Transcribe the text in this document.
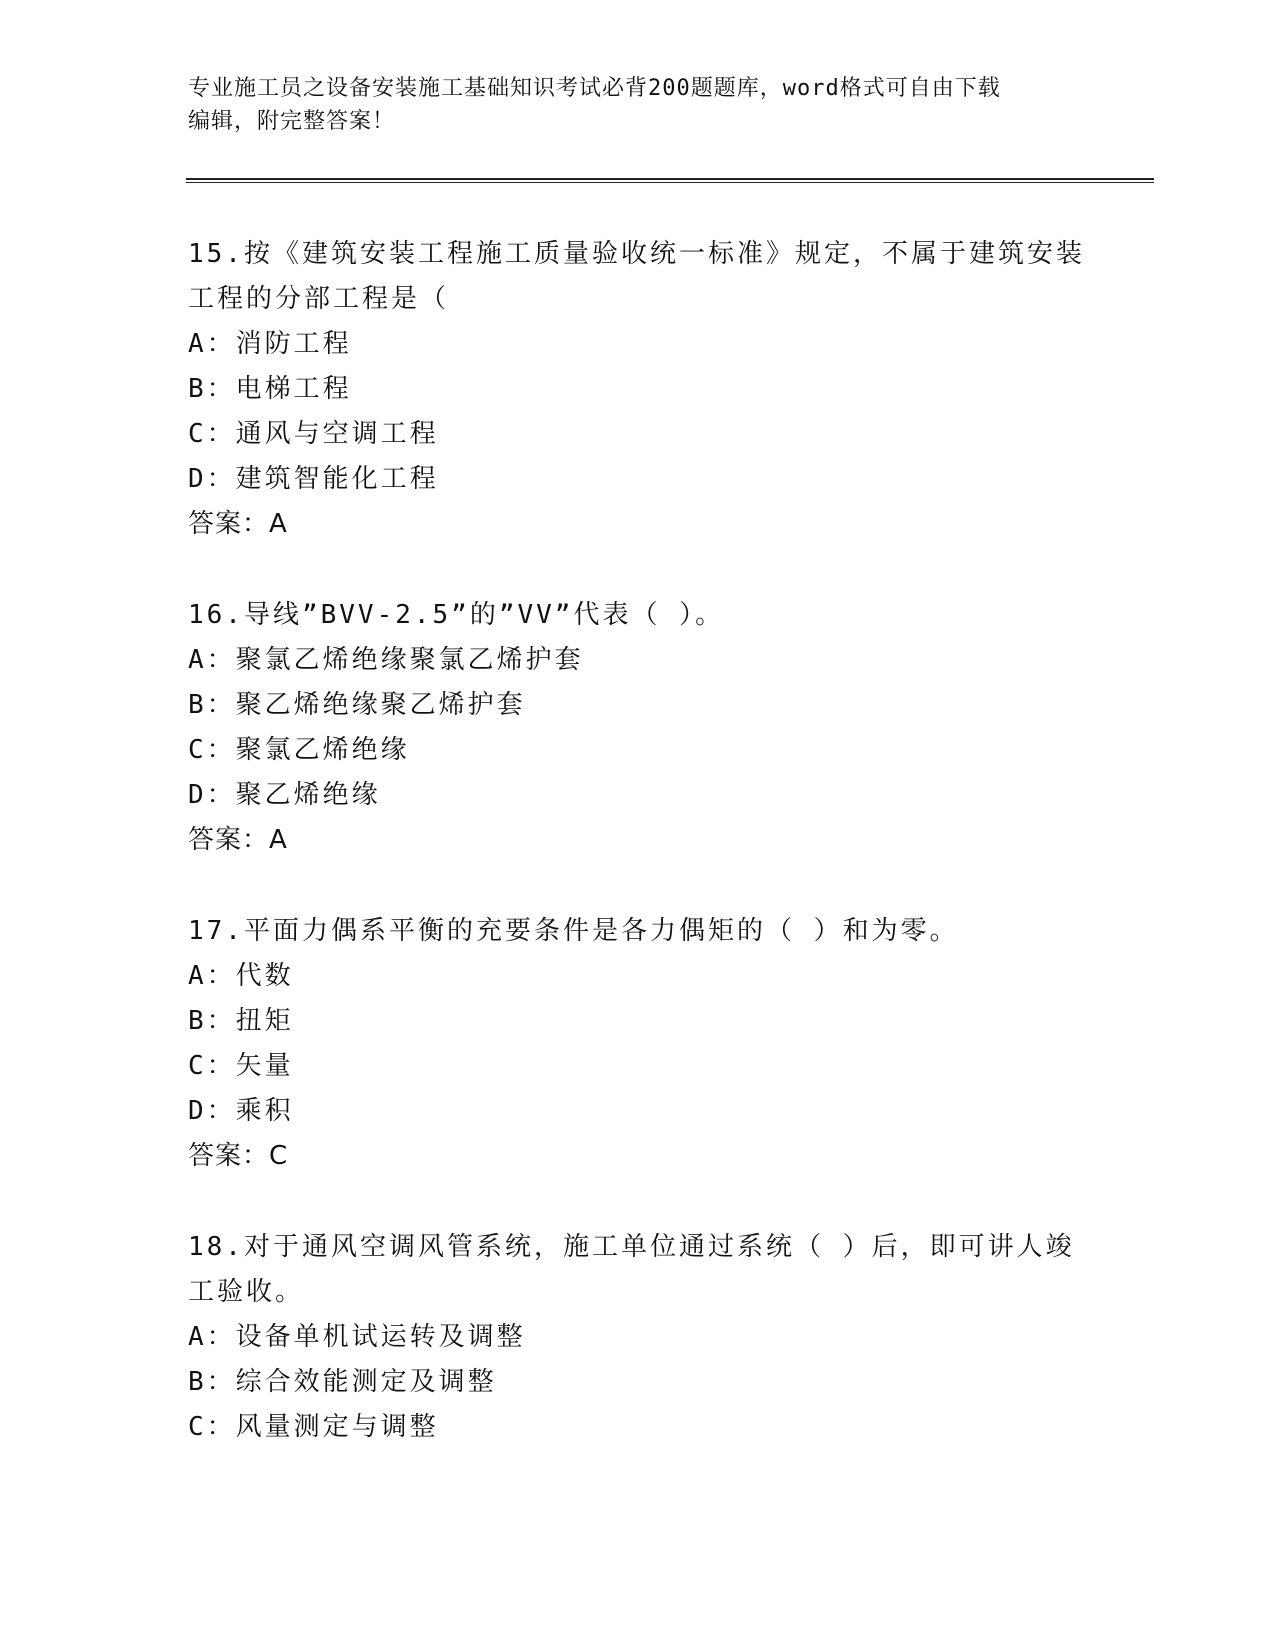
专业施工员之设备安装施工基础知识考试必背200题题库，word格式可自由下载
编辑，附完整答案！
15.按《建筑安装工程施工质量验收统一标准》规定，不属于建筑安装
工程的分部工程是（
A：消防工程
B：电梯工程
C：通风与空调工程
D：建筑智能化工程
答案：A
16.导线”BVV-2.5”的”VV”代表（ ）。
A：聚氯乙烯绝缘聚氯乙烯护套
B：聚乙烯绝缘聚乙烯护套
C：聚氯乙烯绝缘
D：聚乙烯绝缘
答案：A
17.平面力偶系平衡的充要条件是各力偶矩的（ ）和为零。
A：代数
B：扭矩
C：矢量
D：乘积
答案：C
18.对于通风空调风管系统，施工单位通过系统（ ）后，即可讲人竣
工验收。
A：设备单机试运转及调整
B：综合效能测定及调整
C：风量测定与调整
